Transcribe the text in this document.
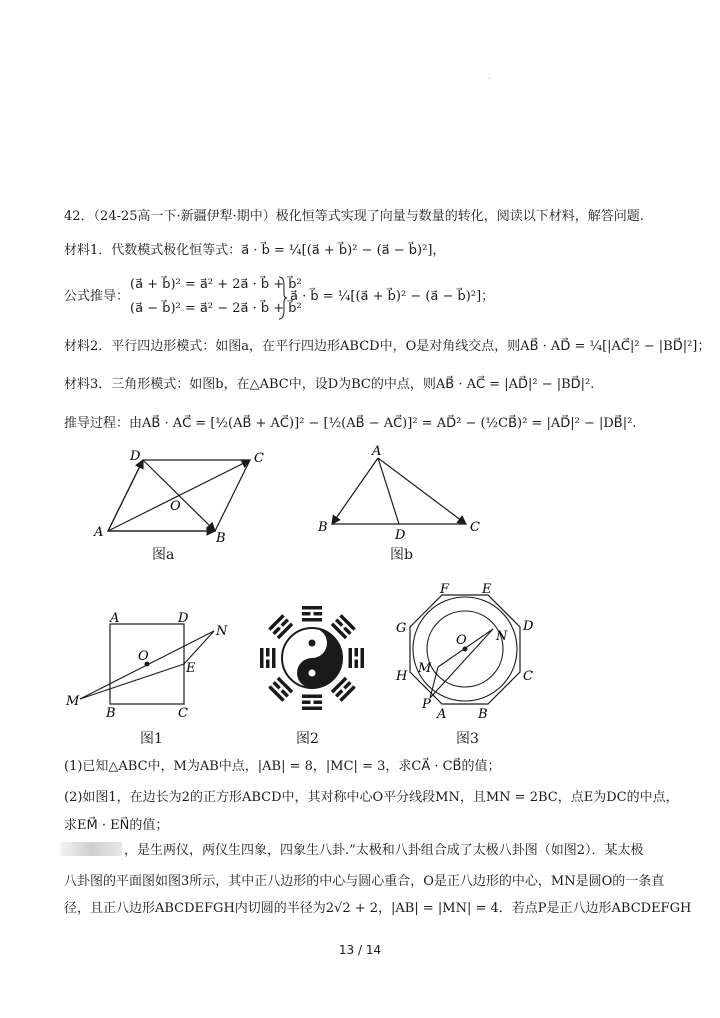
42．（24-25高一下·新疆伊犁·期中）极化恒等式实现了向量与数量的转化，阅读以下材料，解答问题.
材料1．代数模式极化恒等式：a⃗ · b⃗ = ¼[(a⃗ + b⃗)² − (a⃗ − b⃗)²]，
公式推导：
(a⃗ + b⃗)² = a⃗² + 2a⃗ · b⃗ + b⃗²
(a⃗ − b⃗)² = a⃗² − 2a⃗ · b⃗ + b⃗²
a⃗ · b⃗ = ¼[(a⃗ + b⃗)² − (a⃗ − b⃗)²]；
材料2．平行四边形模式：如图a，在平行四边形ABCD中，O是对角线交点，则AB⃗ · AD⃗ = ¼[|AC⃗|² − |BD⃗|²]；
材料3．三角形模式：如图b，在△ABC中，设D为BC的中点，则AB⃗ · AC⃗ = |AD⃗|² − |BD⃗|².
推导过程：由AB⃗ · AC⃗ = [½(AB⃗ + AC⃗)]² − [½(AB⃗ − AC⃗)]² = AD⃗² − (½CB⃗)² = |AD⃗|² − |DB⃗|².
D	C
A	B
O
图a
A
B	C
D
图b
A	D
B	C
O
E
N
M
图1	图2
F	E
G	D
H	C
A B
O N
M
P
图3
(1)已知△ABC中，M为AB中点，|AB| = 8，|MC| = 3，求CA⃗ · CB⃗的值；
(2)如图1，在边长为2的正方形ABCD中，其对称中心O平分线段MN，且MN = 2BC，点E为DC的中点，
求EM⃗ · EN⃗的值；
，是生两仪，两仪生四象，四象生八卦.”太极和八卦组合成了太极八卦图（如图2）．某太极
八卦图的平面图如图3所示，其中正八边形的中心与圆心重合，O是正八边形的中心，MN是圆O的一条直
径，且正八边形ABCDEFGH内切圆的半径为2√2 + 2，|AB| = |MN| = 4．若点P是正八边形ABCDEFGH
13 / 14
